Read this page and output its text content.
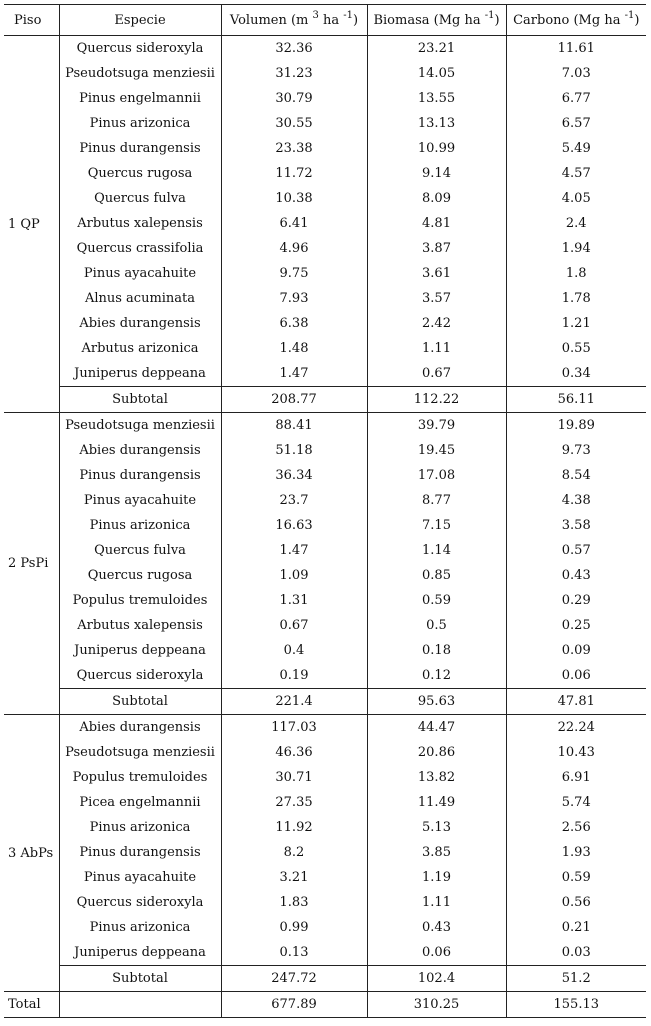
Piso	Especie	Volumen (m $^3$ ha $^{-1}$)	Biomasa (Mg ha $^{-1}$)	Carbono (Mg ha $^{-1}$)
1 QP	Quercus sideroxyla	32.36	23.21	11.61
	Pseudotsuga menziesii	31.23	14.05	7.03
	Pinus engelmannii	30.79	13.55	6.77
	Pinus arizonica	30.55	13.13	6.57
	Pinus durangensis	23.38	10.99	5.49
	Quercus rugosa	11.72	9.14	4.57
	Quercus fulva	10.38	8.09	4.05
	Arbutus xalepensis	6.41	4.81	2.4
	Quercus crassifolia	4.96	3.87	1.94
	Pinus ayacahuite	9.75	3.61	1.8
	Alnus acuminata	7.93	3.57	1.78
	Abies durangensis	6.38	2.42	1.21
	Arbutus arizonica	1.48	1.11	0.55
	Juniperus deppeana	1.47	0.67	0.34
	Subtotal	208.77	112.22	56.11
2 PsPi	Pseudotsuga menziesii	88.41	39.79	19.89
	Abies durangensis	51.18	19.45	9.73
	Pinus durangensis	36.34	17.08	8.54
	Pinus ayacahuite	23.7	8.77	4.38
	Pinus arizonica	16.63	7.15	3.58
	Quercus fulva	1.47	1.14	0.57
	Quercus rugosa	1.09	0.85	0.43
	Populus tremuloides	1.31	0.59	0.29
	Arbutus xalepensis	0.67	0.5	0.25
	Juniperus deppeana	0.4	0.18	0.09
	Quercus sideroxyla	0.19	0.12	0.06
	Subtotal	221.4	95.63	47.81
3 AbPs	Abies durangensis	117.03	44.47	22.24
	Pseudotsuga menziesii	46.36	20.86	10.43
	Populus tremuloides	30.71	13.82	6.91
	Picea engelmannii	27.35	11.49	5.74
	Pinus arizonica	11.92	5.13	2.56
	Pinus durangensis	8.2	3.85	1.93
	Pinus ayacahuite	3.21	1.19	0.59
	Quercus sideroxyla	1.83	1.11	0.56
	Pinus arizonica	0.99	0.43	0.21
	Juniperus deppeana	0.13	0.06	0.03
	Subtotal	247.72	102.4	51.2
Total		677.89	310.25	155.13
